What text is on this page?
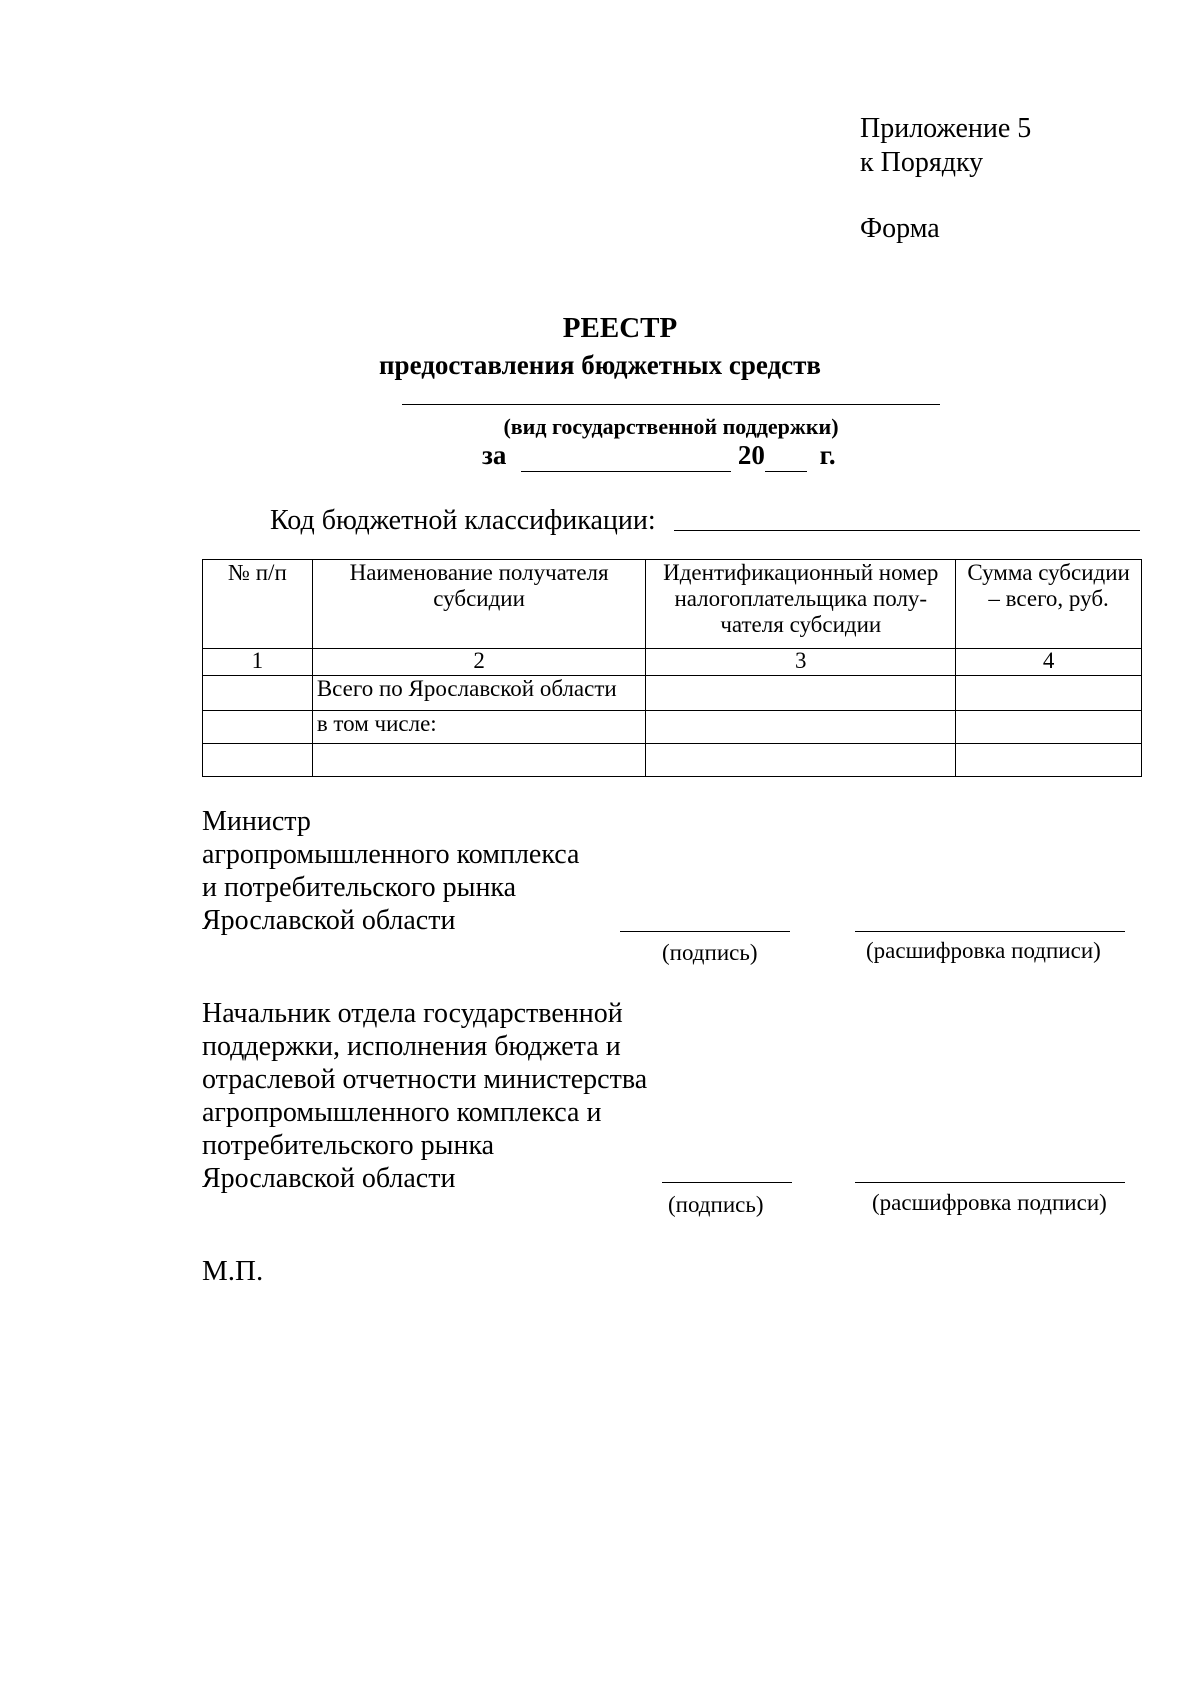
Приложение 5
к Порядку
Форма
РЕЕСТР
предоставления бюджетных средств
(вид государственной поддержки)
за	20 г.
Код бюджетной классификации:
№ п/п	Наименование получателя субсидии	Идентификационный номер налогоплательщика полу-чателя субсидии	Сумма субсидии – всего, руб.
1	2	3	4
	Всего по Ярославской области		
	в том числе:		

Министр
агропромышленного комплекса
и потребительского рынка
Ярославской области
(подпись)	(расшифровка подписи)
Начальник отдела государственной
поддержки, исполнения бюджета и
отраслевой отчетности министерства
агропромышленного комплекса и
потребительского рынка
Ярославской области
(подпись)	(расшифровка подписи)
М.П.
